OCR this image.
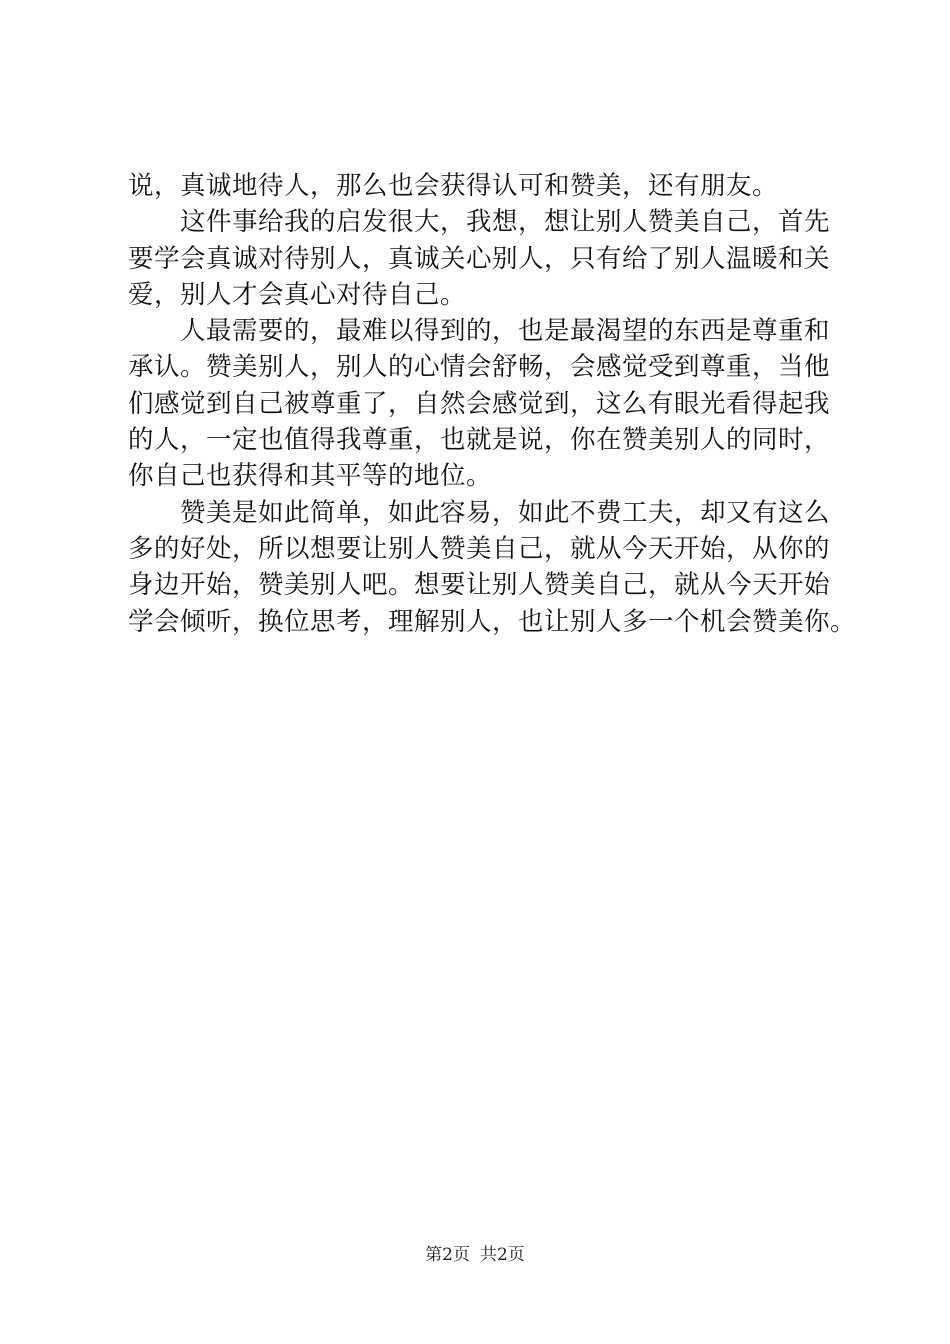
说，真诚地待人，那么也会获得认可和赞美，还有朋友。
这件事给我的启发很大，我想，想让别人赞美自己，首先
要学会真诚对待别人，真诚关心别人，只有给了别人温暖和关
爱，别人才会真心对待自己。
人最需要的，最难以得到的，也是最渴望的东西是尊重和
承认。赞美别人，别人的心情会舒畅，会感觉受到尊重，当他
们感觉到自己被尊重了，自然会感觉到，这么有眼光看得起我
的人，一定也值得我尊重，也就是说，你在赞美别人的同时，
你自己也获得和其平等的地位。
赞美是如此简单，如此容易，如此不费工夫，却又有这么
多的好处，所以想要让别人赞美自己，就从今天开始，从你的
身边开始，赞美别人吧。想要让别人赞美自己，就从今天开始
学会倾听，换位思考，理解别人，也让别人多一个机会赞美你。
第2页 共2页
